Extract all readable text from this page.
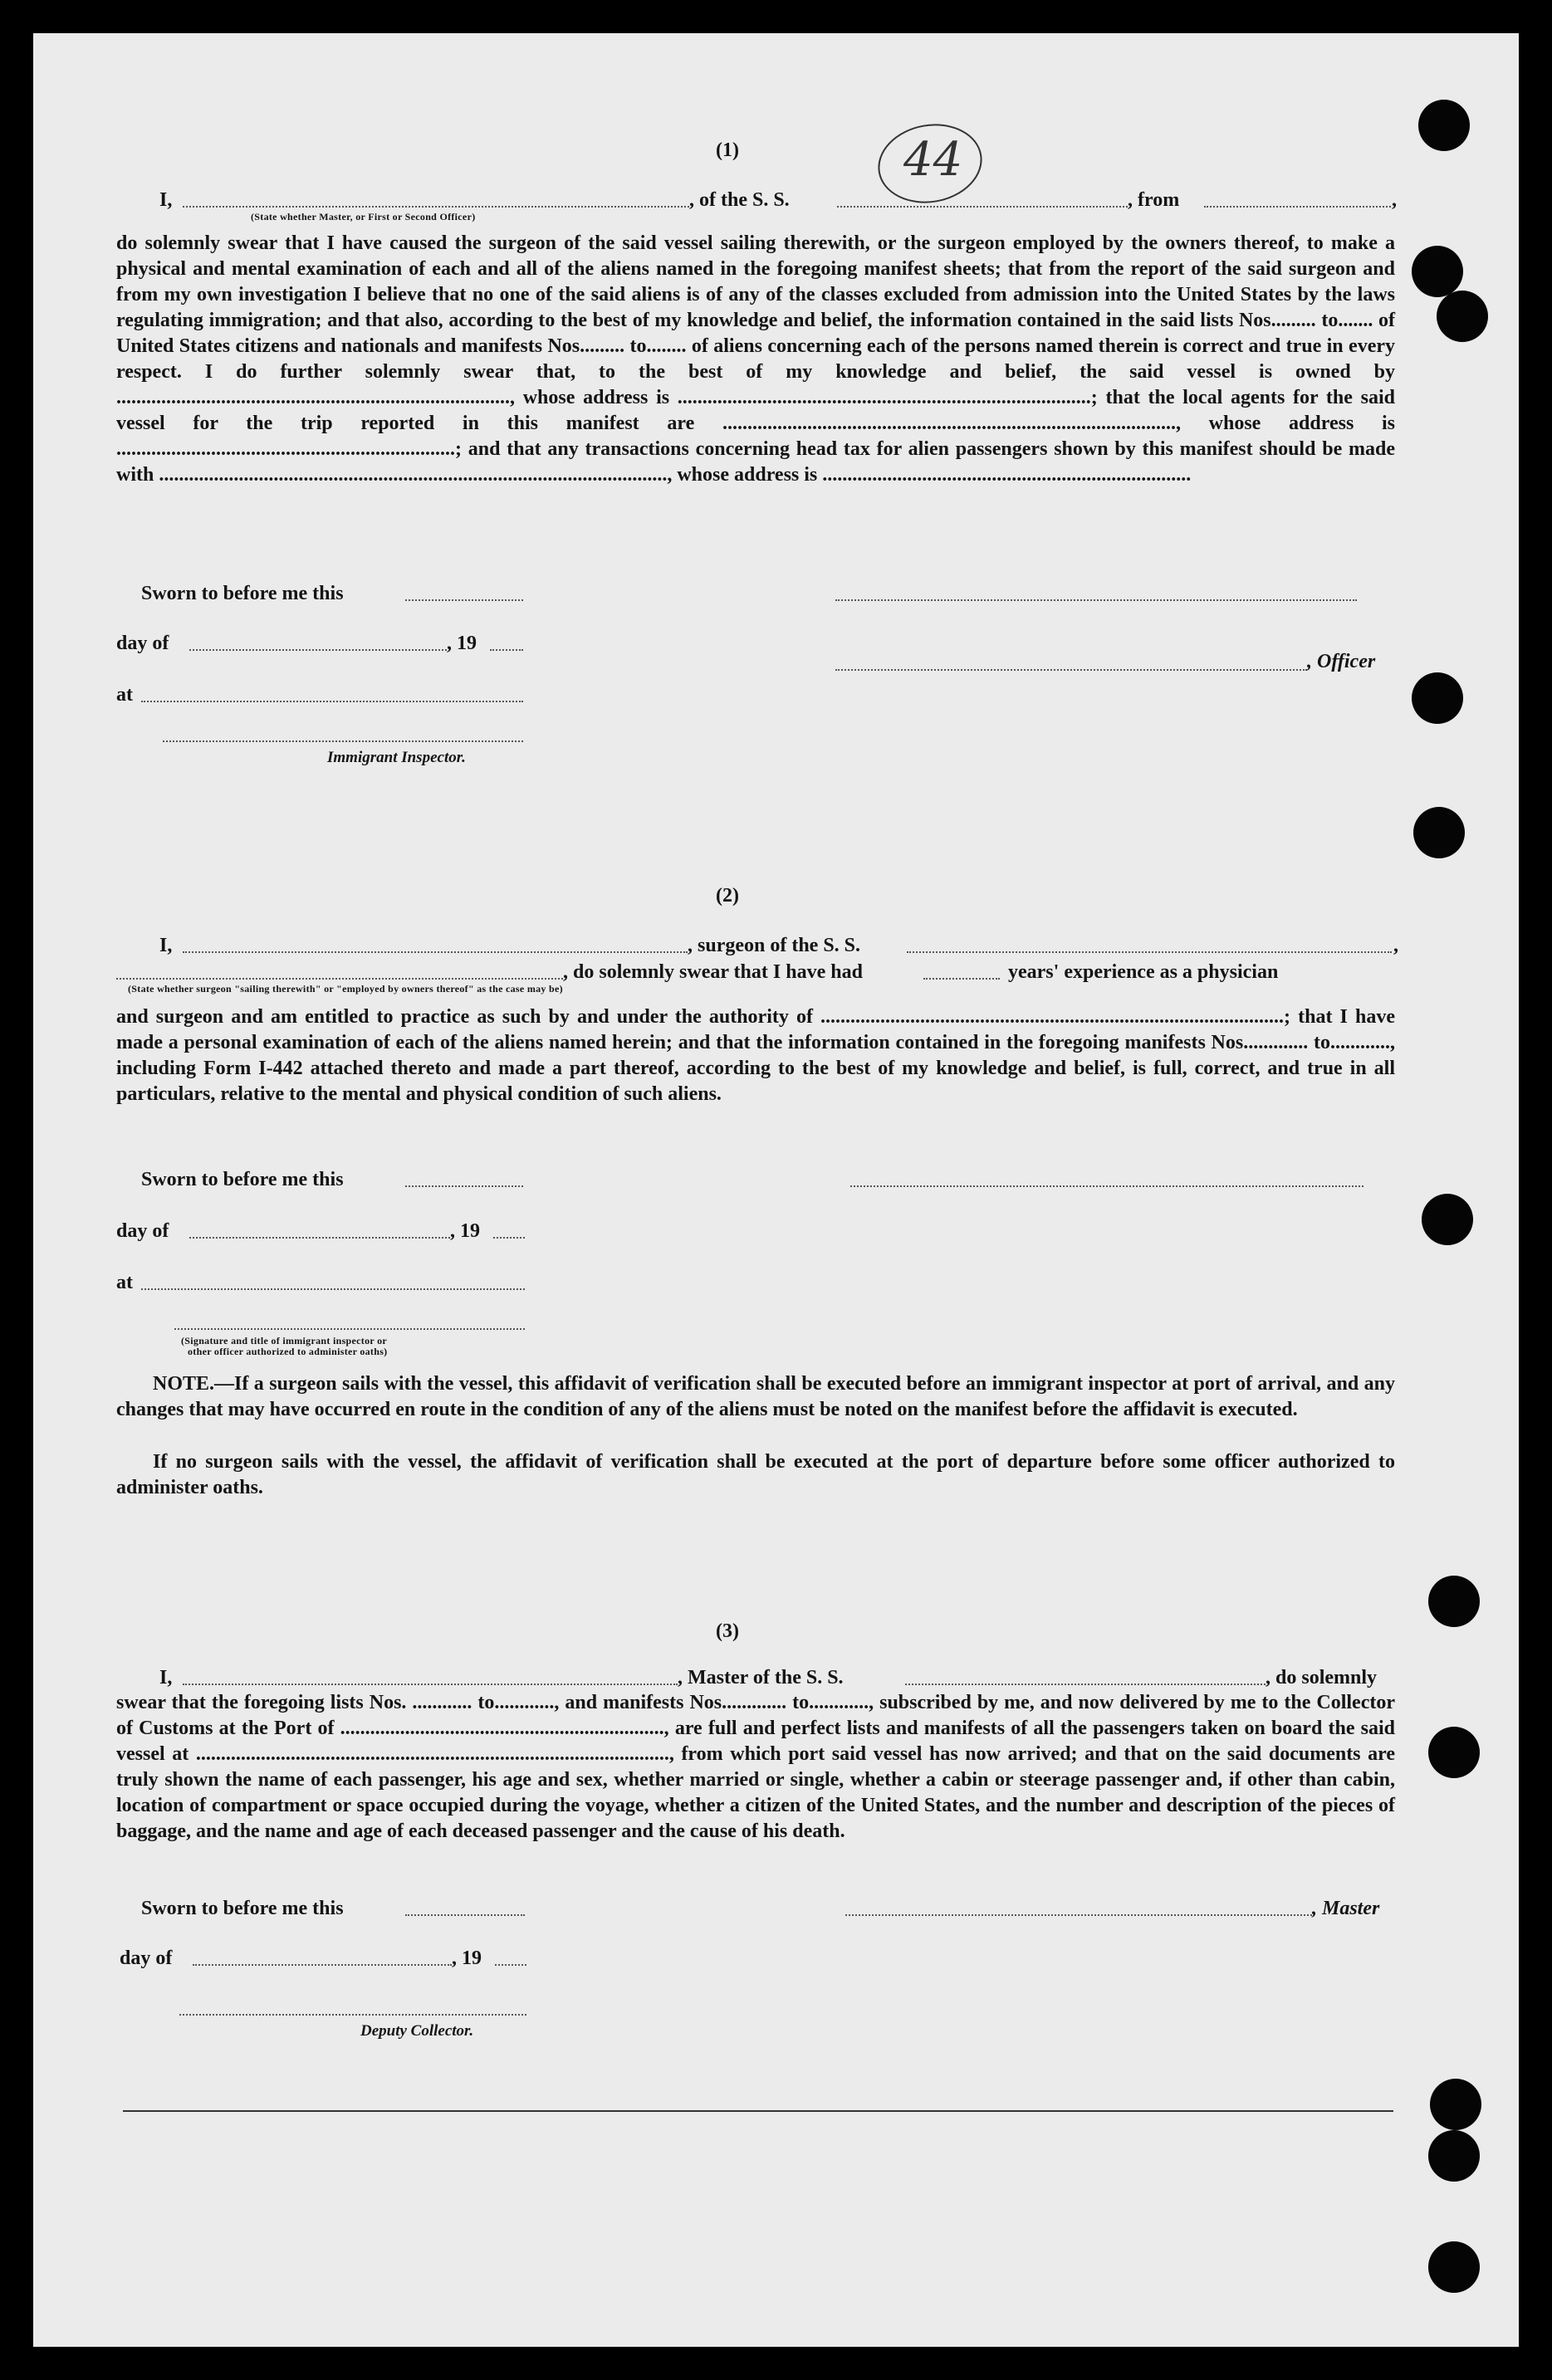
44
(1)
I,	, of the S. S.	, from	,
(State whether Master, or First or Second Officer)
do solemnly swear that I have caused the surgeon of the said vessel sailing therewith, or the surgeon employed by the owners thereof, to make a physical and mental examination of each and all of the aliens named in the foregoing manifest sheets; that from the report of the said surgeon and from my own investigation I believe that no one of the said aliens is of any of the classes excluded from admission into the United States by the laws regulating immigration; and that also, according to the best of my knowledge and belief, the information contained in the said lists Nos......... to....... of United States citizens and nationals and manifests Nos......... to........ of aliens concerning each of the persons named therein is correct and true in every respect. I do further solemnly swear that, to the best of my knowledge and belief, the said vessel is owned by ..............................................................................., whose address is ...................................................................................; that the local agents for the said vessel for the trip reported in this manifest are ..........................................................................................., whose address is ....................................................................; and that any transactions concerning head tax for alien passengers shown by this manifest should be made with ......................................................................................................, whose address is ..........................................................................
Sworn to before me this
day of	, 19
, Officer
at
Immigrant Inspector.
(2)
I,	, surgeon of the S. S.	,
, do solemnly swear that I have had	years' experience as a physician
(State whether surgeon "sailing therewith" or "employed by owners thereof" as the case may be)
and surgeon and am entitled to practice as such by and under the authority of .............................................................................................; that I have made a personal examination of each of the aliens named herein; and that the information contained in the foregoing manifests Nos............. to............, including Form I-442 attached thereto and made a part thereof, according to the best of my knowledge and belief, is full, correct, and true in all particulars, relative to the mental and physical condition of such aliens.
Sworn to before me this
day of	, 19
at
(Signature and title of immigrant inspector or
other officer authorized to administer oaths)
NOTE.—If a surgeon sails with the vessel, this affidavit of verification shall be executed before an immigrant inspector at port of arrival, and any changes that may have occurred en route in the condition of any of the aliens must be noted on the manifest before the affidavit is executed.
If no surgeon sails with the vessel, the affidavit of verification shall be executed at the port of departure before some officer authorized to administer oaths.
(3)
I,	, Master of the S. S.	, do solemnly
swear that the foregoing lists Nos. ............ to............, and manifests Nos............. to............, subscribed by me, and now delivered by me to the Collector of Customs at the Port of ................................................................., are full and perfect lists and manifests of all the passengers taken on board the said vessel at ..............................................................................................., from which port said vessel has now arrived; and that on the said documents are truly shown the name of each passenger, his age and sex, whether married or single, whether a cabin or steerage passenger and, if other than cabin, location of compartment or space occupied during the voyage, whether a citizen of the United States, and the number and description of the pieces of baggage, and the name and age of each deceased passenger and the cause of his death.
Sworn to before me this	, Master
day of	, 19
Deputy Collector.
